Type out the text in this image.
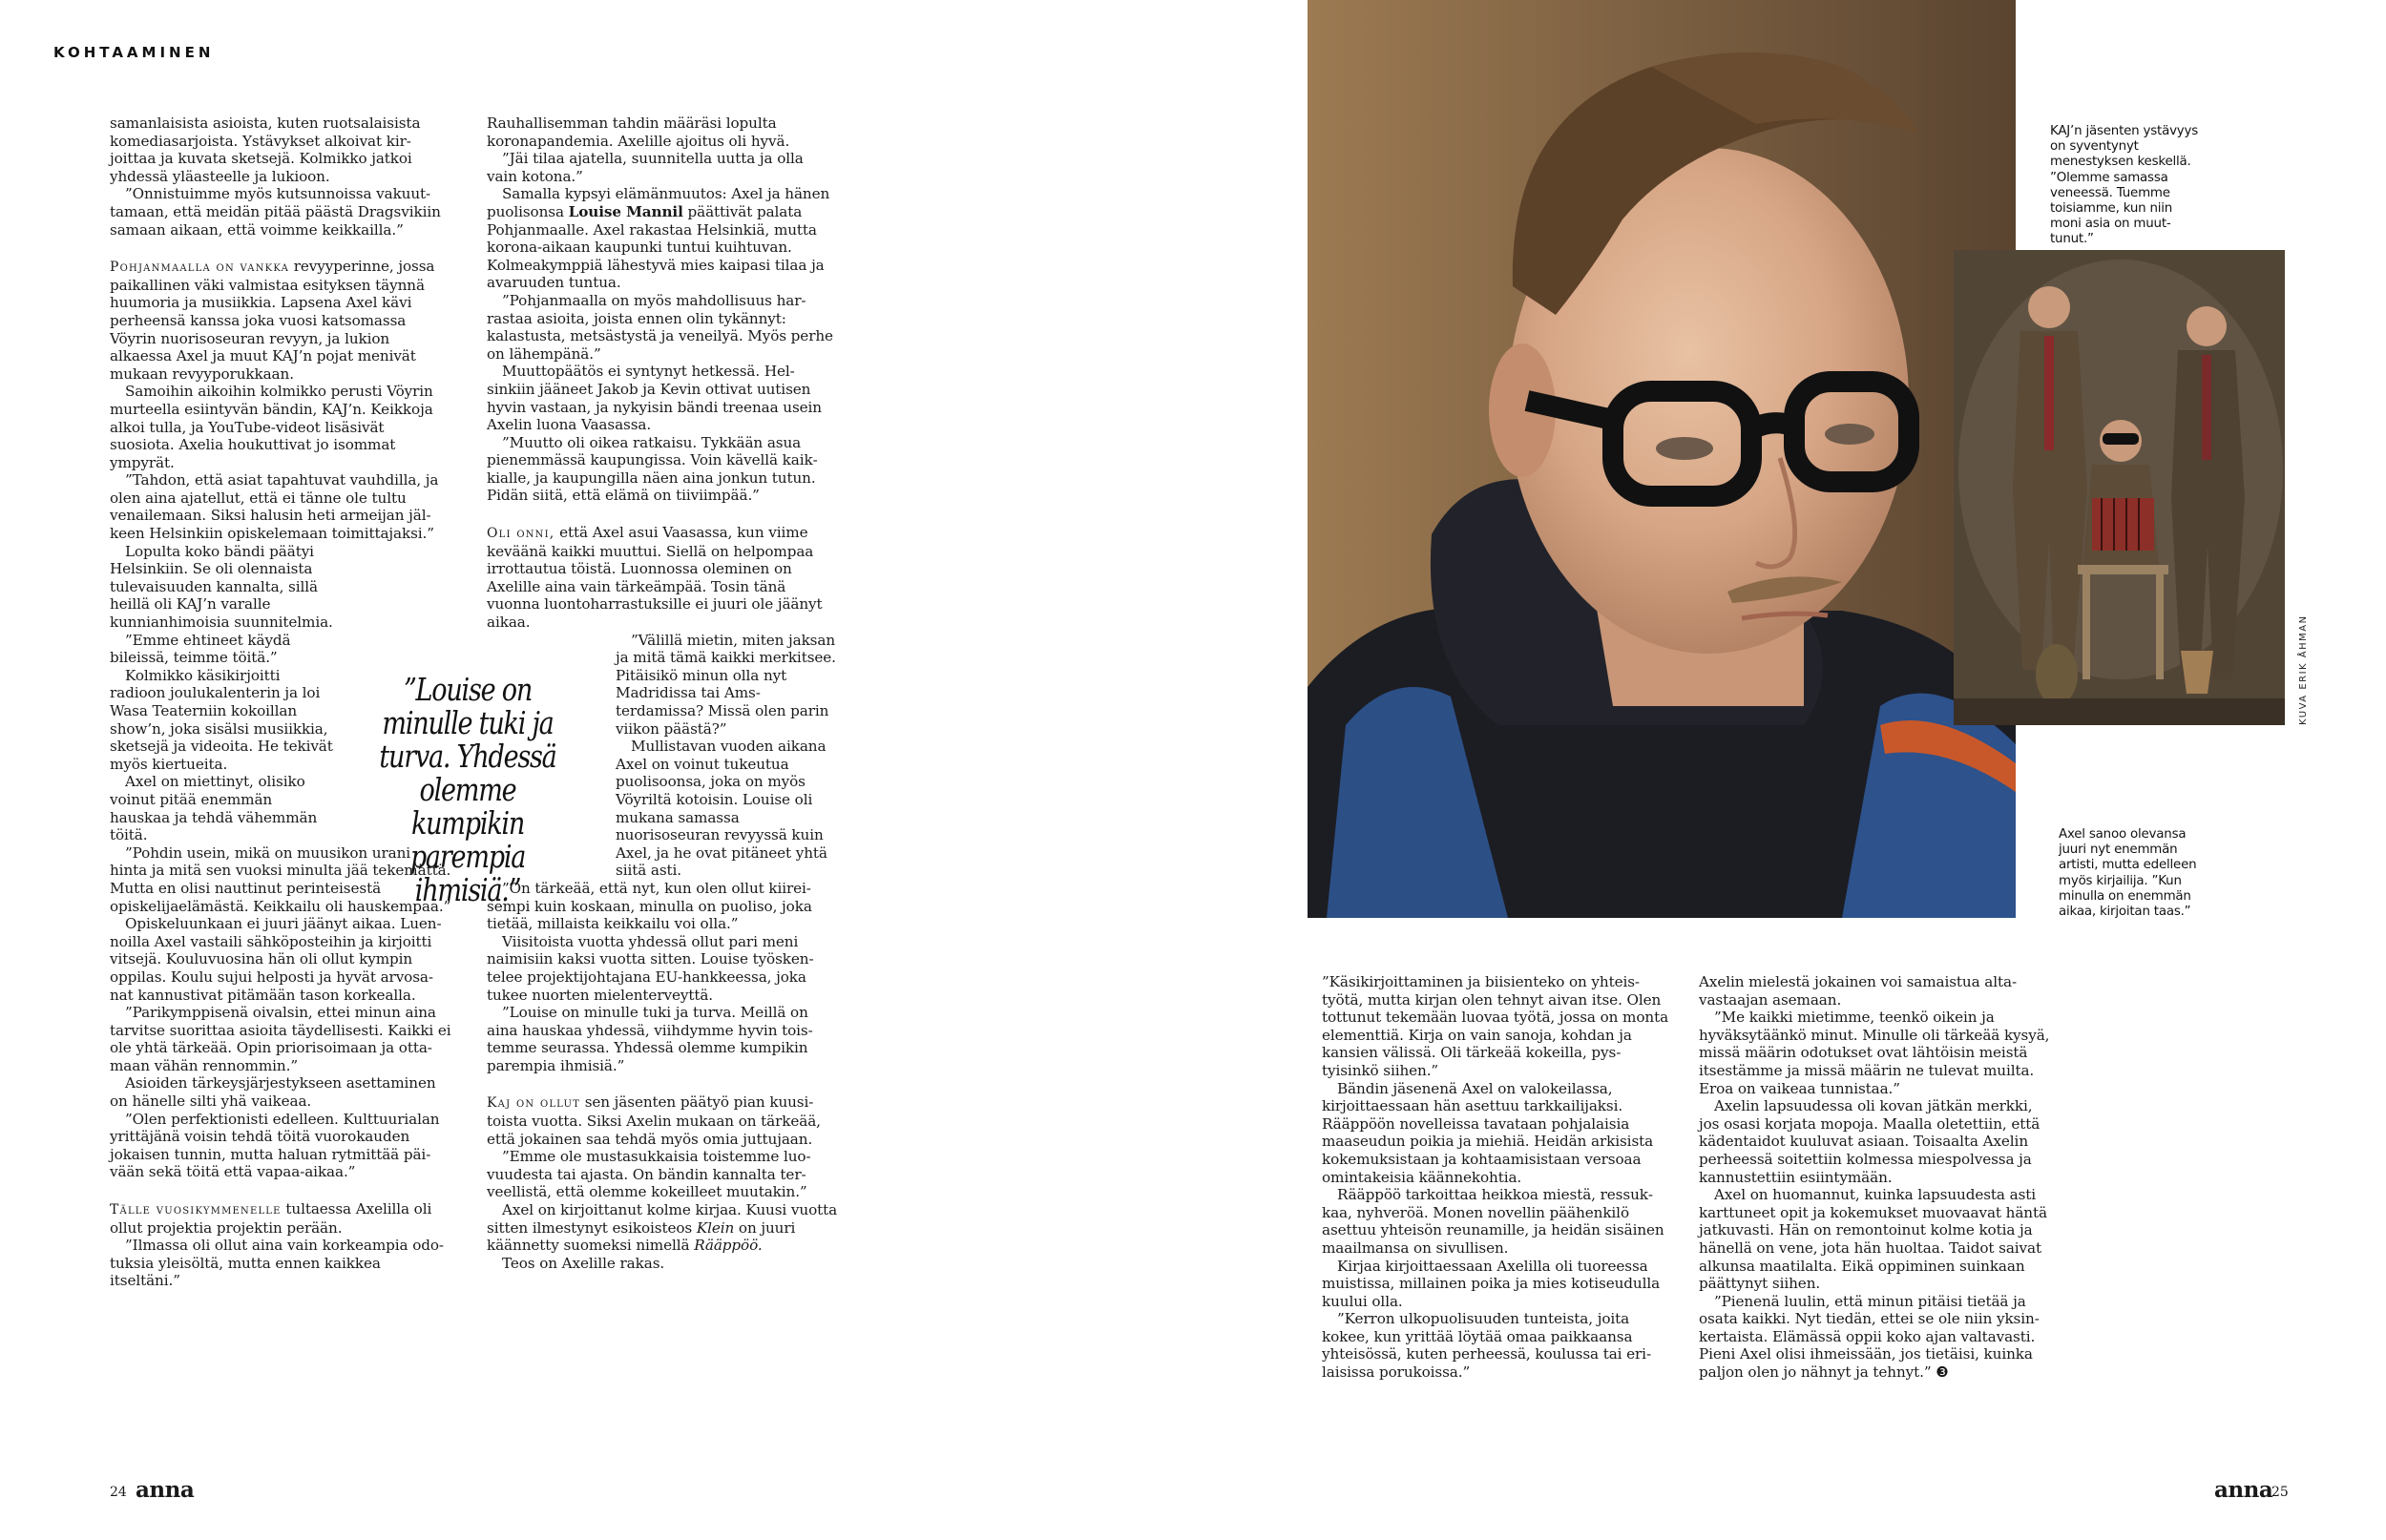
KOHTAAMINEN

samanlaisista asioista, kuten ruotsalaisista komediasarjoista. Ystävykset alkoivat kirjoittaa ja kuvata sketsejä. Kolmikko jatkoi yhdessä yläasteelle ja lukioon.

”Onnistuimme myös kutsunnoissa vakuuttamaan, että meidän pitää päästä Dragsvikiin samaan aikaan, että voimme keikkailla.”

Pohjanmaalla on vankka revyyperinne, jossa paikallinen väki valmistaa esityksen täynnä huumoria ja musiikkia. Lapsena Axel kävi perheensä kanssa joka vuosi katsomassa Vöyrin nuorisoseuran revyyn, ja lukion alkaessa Axel ja muut KAJ’n pojat menivät mukaan revyyporukkaan.

Samoihin aikoihin kolmikko perusti Vöyrin murteella esiintyvän bändin, KAJ’n. Keikkoja alkoi tulla, ja YouTube-videot lisäsivät suosiota. Axelia houkuttivat jo isommat ympyrät.

”Tahdon, että asiat tapahtuvat vauhdilla, ja olen aina ajatellut, että ei tänne ole tultu venailemaan. Siksi halusin heti armeijan jälkeen Helsinkiin opiskelemaan toimittajaksi.”

Lopulta koko bändi päätyi Helsinkiin. Se oli olennaista tulevaisuuden kannalta, sillä heillä oli KAJ’n varalle kunnianhimoisia suunnitelmia.

”Emme ehtineet käydä bileissä, teimme töitä.”

Kolmikko käsikirjoitti radioon joulukalenterin ja loi Wasa Teaterniin kokoillan show’n, joka sisälsi musiikkia, sketsejä ja videoita. He tekivät myös kiertueita.

Axel on miettinyt, olisiko voinut pitää enemmän hauskaa ja tehdä vähemmän töitä.

”Pohdin usein, mikä on muusikon urani hinta ja mitä sen vuoksi minulta jää tekemättä. Mutta en olisi nauttinut perinteisestä opiskelijaelämästä. Keikkailu oli hauskempaa.”

Opiskeluunkaan ei juuri jäänyt aikaa. Luennoilla Axel vastaili sähköposteihin ja kirjoitti vitsejä. Kouluvuosina hän oli ollut kympin oppilas. Koulu sujui helposti ja hyvät arvosanat kannustivat pitämään tason korkealla.

”Parikymppisenä oivalsin, ettei minun aina tarvitse suorittaa asioita täydellisesti. Kaikki ei ole yhtä tärkeää. Opin priorisoimaan ja ottamaan vähän rennommin.”

Asioiden tärkeysjärjestykseen asettaminen on hänelle silti yhä vaikeaa.

”Olen perfektionisti edelleen. Kulttuurialan yrittäjänä voisin tehdä töitä vuorokauden jokaisen tunnin, mutta haluan rytmittää päivään sekä töitä että vapaa-aikaa.”

Tälle vuosikymmenelle tultaessa Axelilla oli ollut projektia projektin perään.

”Ilmassa oli ollut aina vain korkeampia odotuksia yleisöltä, mutta ennen kaikkea itseltäni.”

”Louise on minulle tuki ja turva. Yhdessä olemme kumpikin parempia ihmisiä.”

Rauhallisemman tahdin määräsi lopulta koronapandemia. Axelille ajoitus oli hyvä.

”Jäi tilaa ajatella, suunnitella uutta ja olla vain kotona.”

Samalla kypsyi elämänmuutos: Axel ja hänen puolisonsa Louise Mannil päättivät palata Pohjanmaalle. Axel rakastaa Helsinkiä, mutta korona-aikaan kaupunki tuntui kuihtuvan. Kolmeakymppiä lähestyvä mies kaipasi tilaa ja avaruuden tuntua.

”Pohjanmaalla on myös mahdollisuus harrastaa asioita, joista ennen olin tykännyt: kalastusta, metsästystä ja veneilyä. Myös perhe on lähempänä.”

Muuttopäätös ei syntynyt hetkessä. Helsinkiin jääneet Jakob ja Kevin ottivat uutisen hyvin vastaan, ja nykyisin bändi treenaa usein Axelin luona Vaasassa.

”Muutto oli oikea ratkaisu. Tykkään asua pienemmässä kaupungissa. Voin kävellä kaikkialle, ja kaupungilla näen aina jonkun tutun. Pidän siitä, että elämä on tiiviimpää.”

Oli onni, että Axel asui Vaasassa, kun viime keväänä kaikki muuttui. Siellä on helpompaa irrottautua töistä. Luonnossa oleminen on Axelille aina vain tärkeämpää. Tosin tänä vuonna luontoharrastuksille ei juuri ole jäänyt aikaa.

”Välillä mietin, miten jaksan ja mitä tämä kaikki merkitsee. Pitäisikö minun olla nyt Madridissa tai Amsterdamissa? Missä olen parin viikon päästä?”

Mullistavan vuoden aikana Axel on voinut tukeutua puolisoonsa, joka on myös Vöyriltä kotoisin. Louise oli mukana samassa nuorisoseuran revyyssä kuin Axel, ja he ovat pitäneet yhtä siitä asti.

”On tärkeää, että nyt, kun olen ollut kiireisempi kuin koskaan, minulla on puoliso, joka tietää, millaista keikkailu voi olla.”

Viisitoista vuotta yhdessä ollut pari meni naimisiin kaksi vuotta sitten. Louise työskentelee projektijohtajana EU-hankkeessa, joka tukee nuorten mielenterveyttä.

”Louise on minulle tuki ja turva. Meillä on aina hauskaa yhdessä, viihdymme hyvin toistemme seurassa. Yhdessä olemme kumpikin parempia ihmisiä.”

Kaj on ollut sen jäsenten päätyö pian kuusitoista vuotta. Siksi Axelin mukaan on tärkeää, että jokainen saa tehdä myös omia juttujaan.

”Emme ole mustasukkaisia toistemme luovuudesta tai ajasta. On bändin kannalta terveellistä, että olemme kokeilleet muutakin.”

Axel on kirjoittanut kolme kirjaa. Kuusi vuotta sitten ilmestynyt esikoisteos Klein on juuri käännetty suomeksi nimellä Rääppöö.

Teos on Axelille rakas.

KAJ’n jäsenten ystävyys on syventynyt menestyksen keskellä. ”Olemme samassa veneessä. Tuemme toisiamme, kun niin moni asia on muuttunut.”
KUVA ERIK ÅHMAN
Axel sanoo olevansa juuri nyt enemmän artisti, mutta edelleen myös kirjailija. ”Kun minulla on enemmän aikaa, kirjoitan taas.”

”Käsikirjoittaminen ja biisienteko on yhteistyötä, mutta kirjan olen tehnyt aivan itse. Olen tottunut tekemään luovaa työtä, jossa on monta elementtiä. Kirja on vain sanoja, kohdan ja kansien välissä. Oli tärkeää kokeilla, pystyisinkö siihen.”

Bändin jäsenenä Axel on valokeilassa, kirjoittaessaan hän asettuu tarkkailijaksi. Rääppöön novelleissa tavataan pohjalaisia maaseudun poikia ja miehiä. Heidän arkisista kokemuksistaan ja kohtaamisistaan versoaa omintakeisia käännekohtia.

Rääppöö tarkoittaa heikkoa miestä, ressukkaa, nyhveröä. Monen novellin päähenkilö asettuu yhteisön reunamille, ja heidän sisäinen maailmansa on sivullisen.

Kirjaa kirjoittaessaan Axelilla oli tuoreessa muistissa, millainen poika ja mies kotiseudulla kuului olla.

”Kerron ulkopuolisuuden tunteista, joita kokee, kun yrittää löytää omaa paikkaansa yhteisössä, kuten perheessä, koulussa tai erilaisissa porukoissa.”

Axelin mielestä jokainen voi samaistua altavastaajan asemaan.

”Me kaikki mietimme, teenkö oikein ja hyväksytäänkö minut. Minulle oli tärkeää kysyä, missä määrin odotukset ovat lähtöisin meistä itsestämme ja missä määrin ne tulevat muilta. Eroa on vaikeaa tunnistaa.”

Axelin lapsuudessa oli kovan jätkän merkki, jos osasi korjata mopoja. Maalla oletettiin, että kädentaidot kuuluvat asiaan. Toisaalta Axelin perheessä soitettiin kolmessa miespolvessa ja kannustettiin esiintymään.

Axel on huomannut, kuinka lapsuudesta asti karttuneet opit ja kokemukset muovaavat häntä jatkuvasti. Hän on remontoinut kolme kotia ja hänellä on vene, jota hän huoltaa. Taidot saivat alkunsa maatilalta. Eikä oppiminen suinkaan päättynyt siihen.

”Pienenä luulin, että minun pitäisi tietää ja osata kaikki. Nyt tiedän, ettei se ole niin yksinkertaista. Elämässä oppii koko ajan valtavasti. Pieni Axel olisi ihmeissään, jos tietäisi, kuinka paljon olen jo nähnyt ja tehnyt.” ❸

24 anna	anna
25
